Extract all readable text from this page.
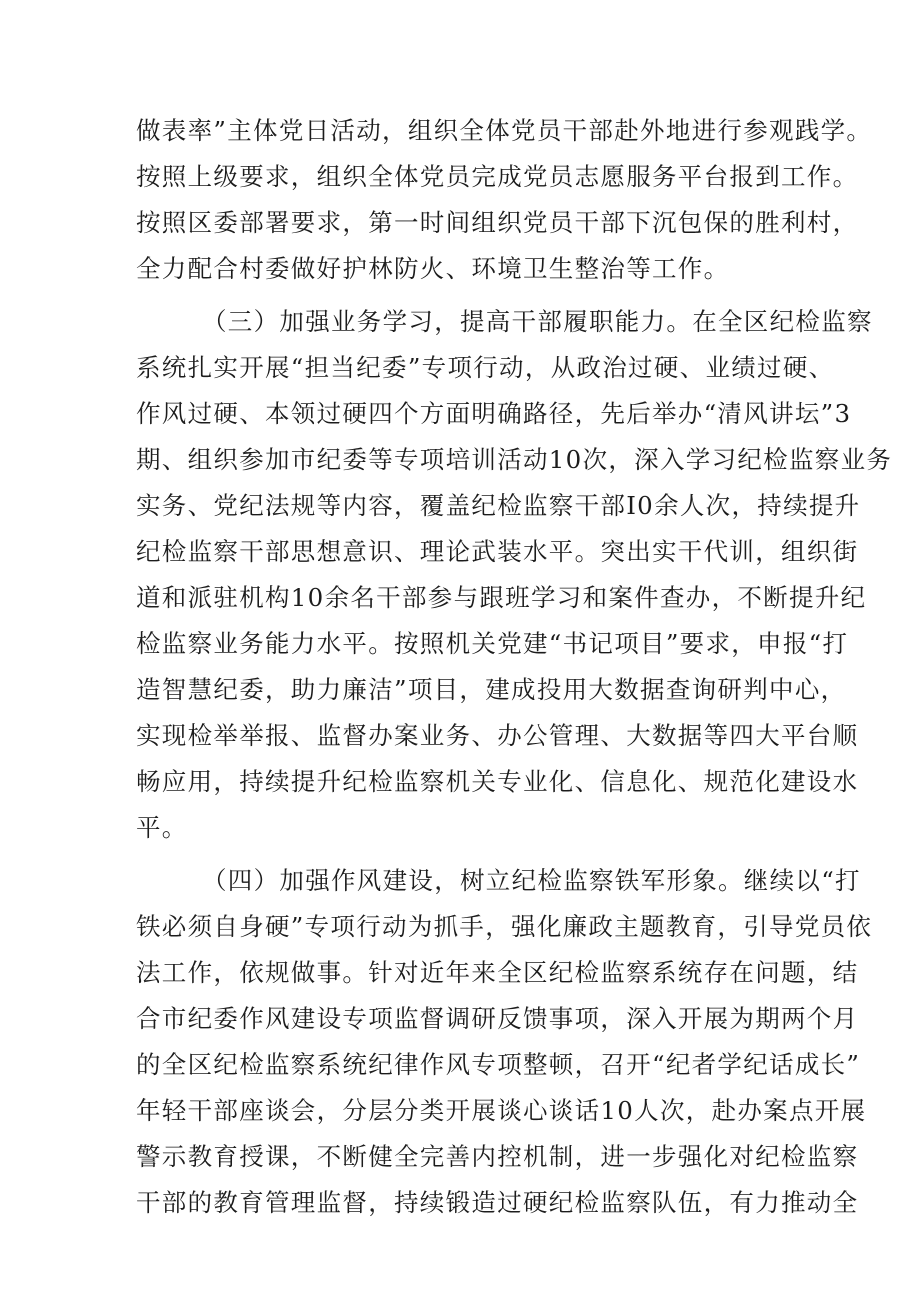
做表率”主体党日活动，组织全体党员干部赴外地进行参观践学。
按照上级要求，组织全体党员完成党员志愿服务平台报到工作。
按照区委部署要求，第一时间组织党员干部下沉包保的胜利村，
全力配合村委做好护林防火、环境卫生整治等工作。
（三）加强业务学习，提高干部履职能力。在全区纪检监察
系统扎实开展“担当纪委”专项行动，从政治过硬、业绩过硬、
作风过硬、本领过硬四个方面明确路径，先后举办“清风讲坛”3
期、组织参加市纪委等专项培训活动10次，深入学习纪检监察业务
实务、党纪法规等内容，覆盖纪检监察干部I0余人次，持续提升
纪检监察干部思想意识、理论武装水平。突出实干代训，组织街
道和派驻机构10余名干部参与跟班学习和案件查办，不断提升纪
检监察业务能力水平。按照机关党建“书记项目”要求，申报“打
造智慧纪委，助力廉洁”项目，建成投用大数据查询研判中心，
实现检举举报、监督办案业务、办公管理、大数据等四大平台顺
畅应用，持续提升纪检监察机关专业化、信息化、规范化建设水
平。
（四）加强作风建设，树立纪检监察铁军形象。继续以“打
铁必须自身硬”专项行动为抓手，强化廉政主题教育，引导党员依
法工作，依规做事。针对近年来全区纪检监察系统存在问题，结
合市纪委作风建设专项监督调研反馈事项，深入开展为期两个月
的全区纪检监察系统纪律作风专项整顿，召开“纪者学纪话成长”
年轻干部座谈会，分层分类开展谈心谈话10人次，赴办案点开展
警示教育授课，不断健全完善内控机制，进一步强化对纪检监察
干部的教育管理监督，持续锻造过硬纪检监察队伍，有力推动全
